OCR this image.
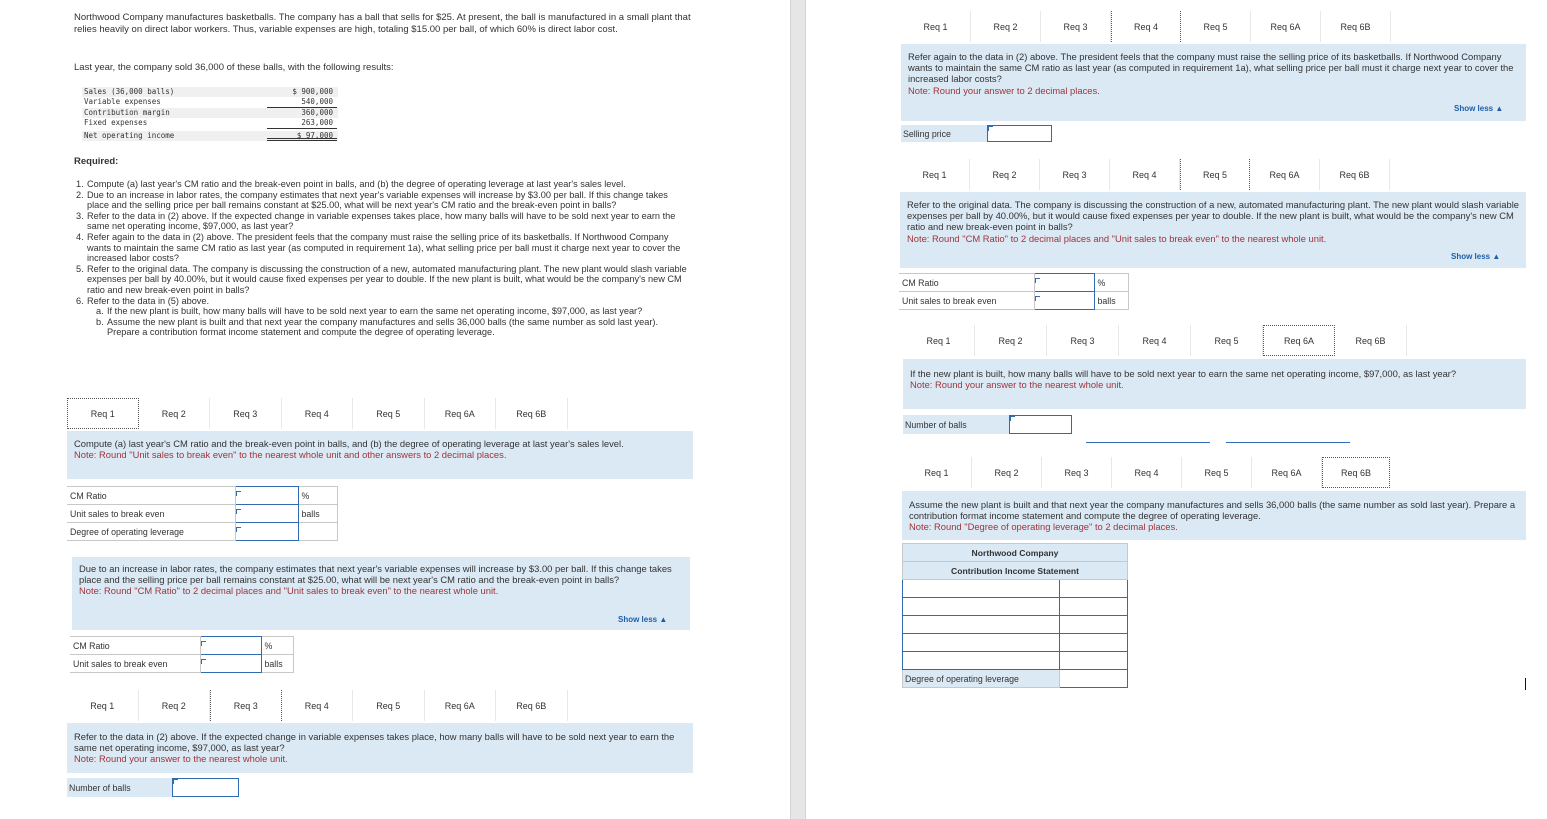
Northwood Company manufactures basketballs. The company has a ball that sells for $25. At present, the ball is manufactured in a small plant that relies heavily on direct labor workers. Thus, variable expenses are high, totaling $15.00 per ball, of which 60% is direct labor cost.
Last year, the company sold 36,000 of these balls, with the following results:
Sales (36,000 balls)	$ 900,000
Variable expenses	540,000
Contribution margin	360,000
Fixed expenses	263,000
Net operating income	$ 97,000
Required:
1. Compute (a) last year's CM ratio and the break-even point in balls, and (b) the degree of operating leverage at last year's sales level.
2. Due to an increase in labor rates, the company estimates that next year's variable expenses will increase by $3.00 per ball. If this change takes place and the selling price per ball remains constant at $25.00, what will be next year's CM ratio and the break-even point in balls?
3. Refer to the data in (2) above. If the expected change in variable expenses takes place, how many balls will have to be sold next year to earn the same net operating income, $97,000, as last year?
4. Refer again to the data in (2) above. The president feels that the company must raise the selling price of its basketballs. If Northwood Company wants to maintain the same CM ratio as last year (as computed in requirement 1a), what selling price per ball must it charge next year to cover the increased labor costs?
5. Refer to the original data. The company is discussing the construction of a new, automated manufacturing plant. The new plant would slash variable expenses per ball by 40.00%, but it would cause fixed expenses per year to double. If the new plant is built, what would be the company's new CM ratio and new break-even point in balls?
6. Refer to the data in (5) above.
a. If the new plant is built, how many balls will have to be sold next year to earn the same net operating income, $97,000, as last year?
b. Assume the new plant is built and that next year the company manufactures and sells 36,000 balls (the same number as sold last year). Prepare a contribution format income statement and compute the degree of operating leverage.
Req 1	Req 2	Req 3	Req 4	Req 5	Req 6A	Req 6B
Compute (a) last year's CM ratio and the break-even point in balls, and (b) the degree of operating leverage at last year's sales level.
Note: Round "Unit sales to break even" to the nearest whole unit and other answers to 2 decimal places.
CM Ratio		%
Unit sales to break even		balls
Degree of operating leverage		
Due to an increase in labor rates, the company estimates that next year's variable expenses will increase by $3.00 per ball. If this change takes place and the selling price per ball remains constant at $25.00, what will be next year's CM ratio and the break-even point in balls?
Note: Round "CM Ratio" to 2 decimal places and "Unit sales to break even" to the nearest whole unit.
Show less ▲
CM Ratio		%
Unit sales to break even		balls
Req 1	Req 2	Req 3	Req 4	Req 5	Req 6A	Req 6B
Refer to the data in (2) above. If the expected change in variable expenses takes place, how many balls will have to be sold next year to earn the same net operating income, $97,000, as last year?
Note: Round your answer to the nearest whole unit.
Number of balls
Req 1	Req 2	Req 3	Req 4	Req 5	Req 6A	Req 6B
Refer again to the data in (2) above. The president feels that the company must raise the selling price of its basketballs. If Northwood Company wants to maintain the same CM ratio as last year (as computed in requirement 1a), what selling price per ball must it charge next year to cover the increased labor costs?
Note: Round your answer to 2 decimal places.
Show less ▲
Selling price
Req 1	Req 2	Req 3	Req 4	Req 5	Req 6A	Req 6B
Refer to the original data. The company is discussing the construction of a new, automated manufacturing plant. The new plant would slash variable expenses per ball by 40.00%, but it would cause fixed expenses per year to double. If the new plant is built, what would be the company's new CM ratio and new break-even point in balls?
Note: Round "CM Ratio" to 2 decimal places and "Unit sales to break even" to the nearest whole unit.
Show less ▲
CM Ratio		%
Unit sales to break even		balls
Req 1	Req 2	Req 3	Req 4	Req 5	Req 6A	Req 6B
If the new plant is built, how many balls will have to be sold next year to earn the same net operating income, $97,000, as last year?
Note: Round your answer to the nearest whole unit.
Number of balls
Req 1	Req 2	Req 3	Req 4	Req 5	Req 6A	Req 6B
Assume the new plant is built and that next year the company manufactures and sells 36,000 balls (the same number as sold last year). Prepare a contribution format income statement and compute the degree of operating leverage.
Note: Round "Degree of operating leverage" to 2 decimal places.
Northwood Company	
Contribution Income Statement	

Degree of operating leverage	
